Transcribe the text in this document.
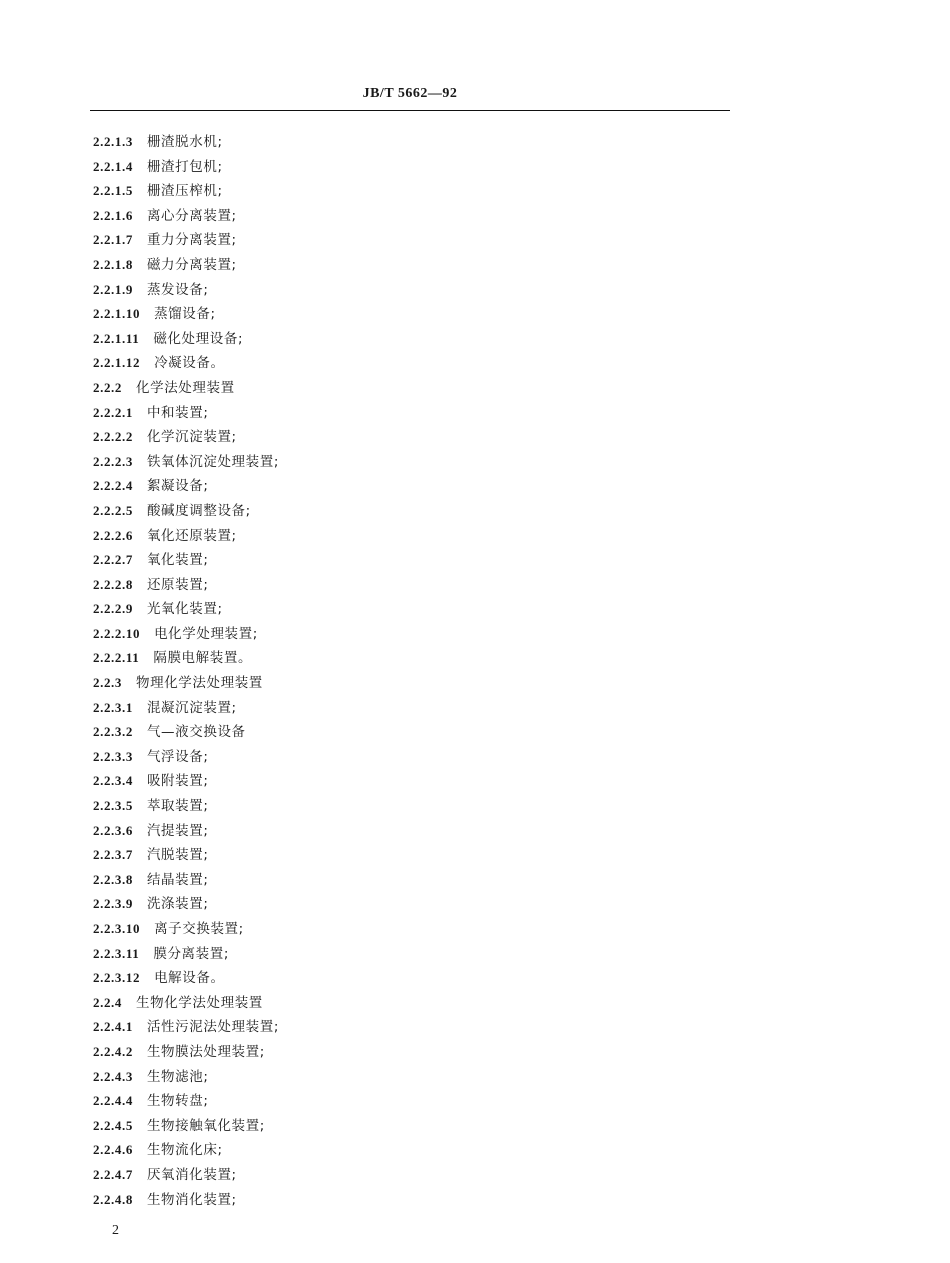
JB/T 5662—92
2.2.1.3 栅渣脱水机;
2.2.1.4 栅渣打包机;
2.2.1.5 栅渣压榨机;
2.2.1.6 离心分离装置;
2.2.1.7 重力分离装置;
2.2.1.8 磁力分离装置;
2.2.1.9 蒸发设备;
2.2.1.10 蒸馏设备;
2.2.1.11 磁化处理设备;
2.2.1.12 冷凝设备。
2.2.2 化学法处理装置
2.2.2.1 中和装置;
2.2.2.2 化学沉淀装置;
2.2.2.3 铁氧体沉淀处理装置;
2.2.2.4 絮凝设备;
2.2.2.5 酸碱度调整设备;
2.2.2.6 氧化还原装置;
2.2.2.7 氧化装置;
2.2.2.8 还原装置;
2.2.2.9 光氧化装置;
2.2.2.10 电化学处理装置;
2.2.2.11 隔膜电解装置。
2.2.3 物理化学法处理装置
2.2.3.1 混凝沉淀装置;
2.2.3.2 气—液交换设备
2.2.3.3 气浮设备;
2.2.3.4 吸附装置;
2.2.3.5 萃取装置;
2.2.3.6 汽提装置;
2.2.3.7 汽脱装置;
2.2.3.8 结晶装置;
2.2.3.9 洗涤装置;
2.2.3.10 离子交换装置;
2.2.3.11 膜分离装置;
2.2.3.12 电解设备。
2.2.4 生物化学法处理装置
2.2.4.1 活性污泥法处理装置;
2.2.4.2 生物膜法处理装置;
2.2.4.3 生物滤池;
2.2.4.4 生物转盘;
2.2.4.5 生物接触氧化装置;
2.2.4.6 生物流化床;
2.2.4.7 厌氧消化装置;
2.2.4.8 生物消化装置;
2
